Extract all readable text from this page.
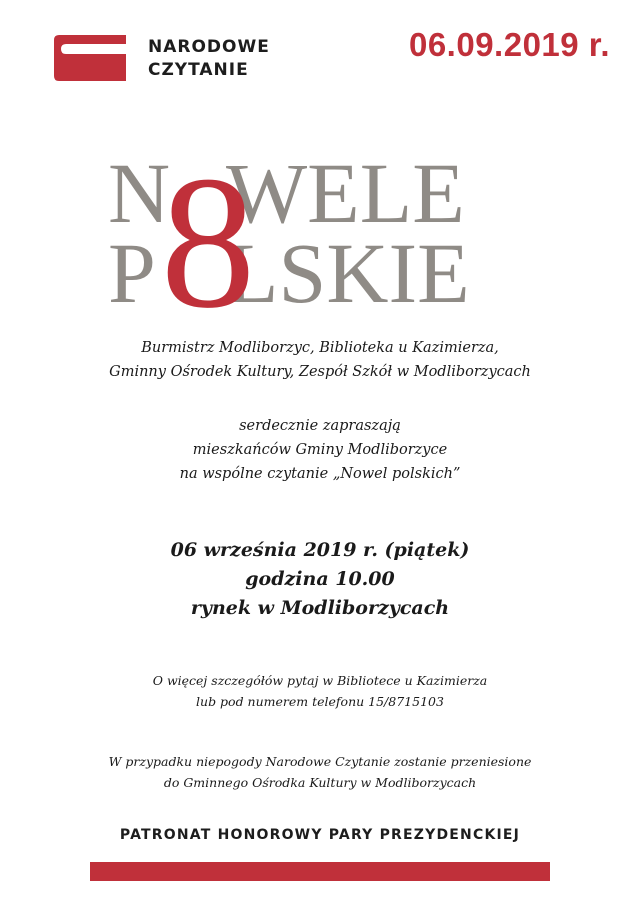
NARODOWE
CZYTANIE
06.09.2019 r.
N WELE
P LSKIE
8
Burmistrz Modliborzyc, Biblioteka u Kazimierza,
Gminny Ośrodek Kultury, Zespół Szkół w Modliborzycach
serdecznie zapraszają
mieszkańców Gminy Modliborzyce
na wspólne czytanie „Nowel polskich”
06 września 2019 r. (piątek)
godzina 10.00
rynek w Modliborzycach
O więcej szczegółów pytaj w Bibliotece u Kazimierza
lub pod numerem telefonu 15/8715103
W przypadku niepogody Narodowe Czytanie zostanie przeniesione
do Gminnego Ośrodka Kultury w Modliborzycach
PATRONAT HONOROWY PARY PREZYDENCKIEJ
